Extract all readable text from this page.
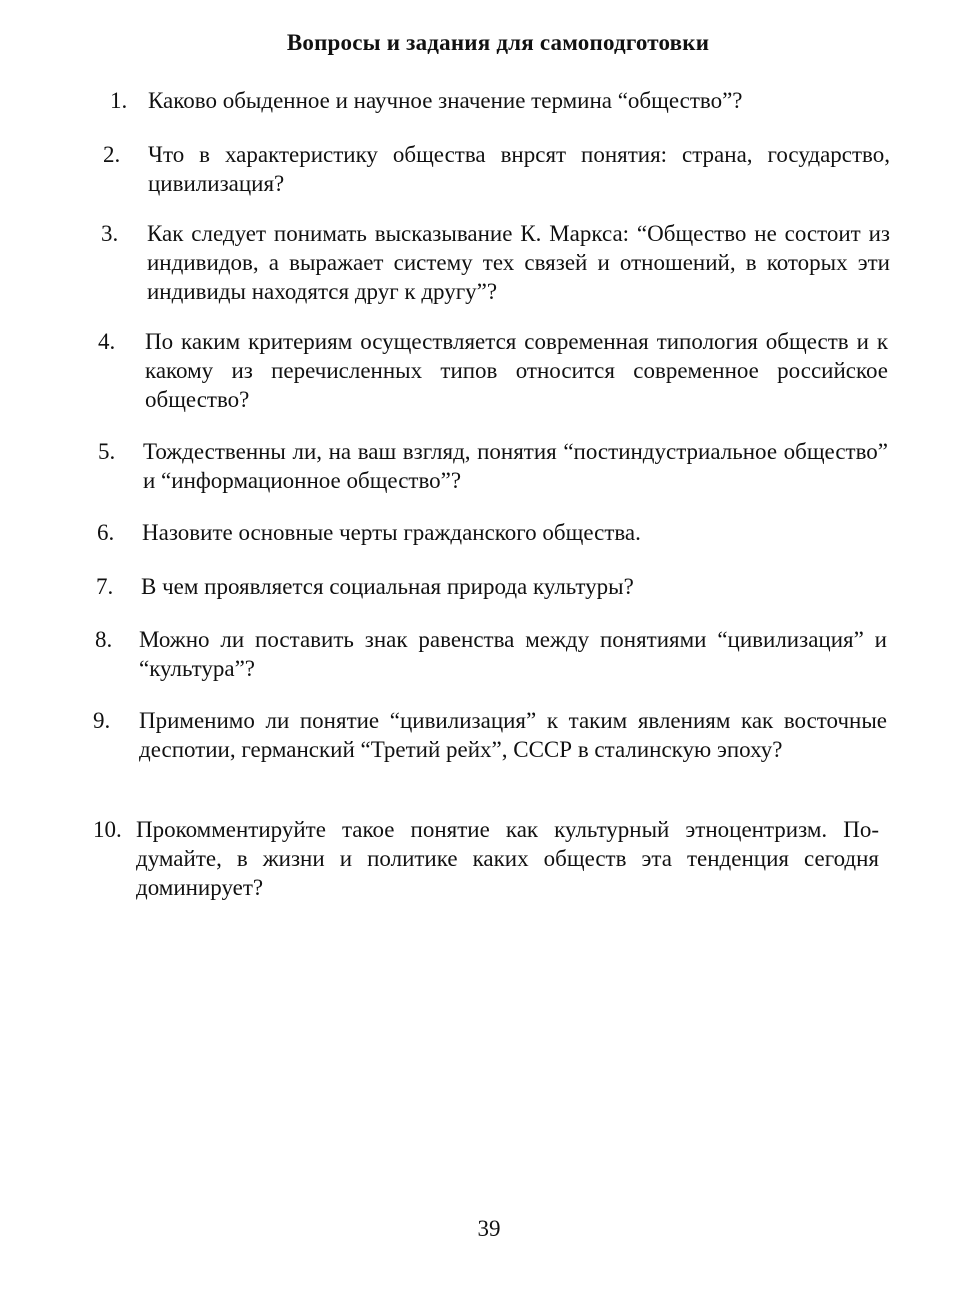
Вопросы и задания для самоподготовки
1. Каково обыденное и научное значение термина “общество”?
2.	Что в характеристику общества внрсят понятия: страна, государство, цивилизация?
3.	Как следует понимать высказывание К. Маркса: “Общество не состоит из индивидов, а выражает систему тех связей и отношений, в которых эти индивиды находятся друг к другу”?
4.	По каким критериям осуществляется современная типология обществ и к какому из перечисленных типов относится современное российское общество?
5.	Тождественны ли, на ваш взгляд, понятия “постиндустриальное общество” и “информационное общество”?
6.	Назовите основные черты гражданского общества.
7.	В чем проявляется социальная природа культуры?
8.	Можно ли поставить знак равенства между понятиями “цивилизация” и “культура”?
9.	Применимо ли понятие “цивилизация” к таким явлениям как восточные деспотии, германский “Третий рейх”, СССР в сталинскую эпоху?
10. Прокомментируйте такое понятие как культурный этноцентризм. Подумайте, в жизни и политике каких обществ эта тенденция сегодня доминирует?
39
